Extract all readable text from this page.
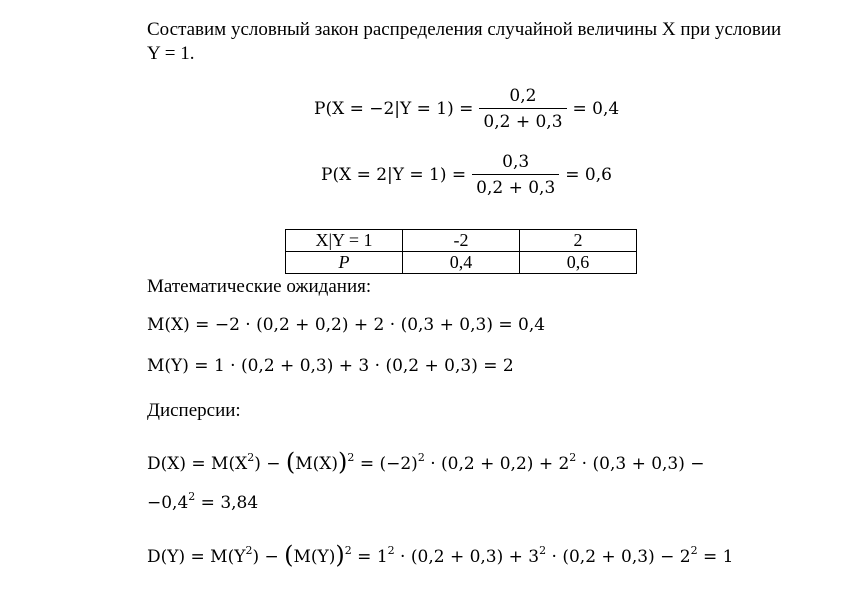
Составим условный закон распределения случайной величины X при условии
Y = 1.
$P(X = -2|Y = 1) = \frac{0,2}{0,2 + 0,3} = 0,4$
$P(X = 2|Y = 1) = \frac{0,3}{0,2 + 0,3} = 0,6$
X|Y = 1	-2	2
P	0,4	0,6
Математические ожидания:
M(X) = −2 · (0,2 + 0,2) + 2 · (0,3 + 0,3) = 0,4
M(Y) = 1 · (0,2 + 0,3) + 3 · (0,2 + 0,3) = 2
Дисперсии:
$D(X) = M(X^2) - (M(X))^2 = (-2)^2 \cdot (0,2 + 0,2) + 2^2 \cdot (0,3 + 0,3)$ −
$-0,4^2 = 3,84$
$D(Y) = M(Y^2) - (M(Y))^2 = 1^2 \cdot (0,2 + 0,3) + 3^2 \cdot (0,2 + 0,3) - 2^2 = 1$
